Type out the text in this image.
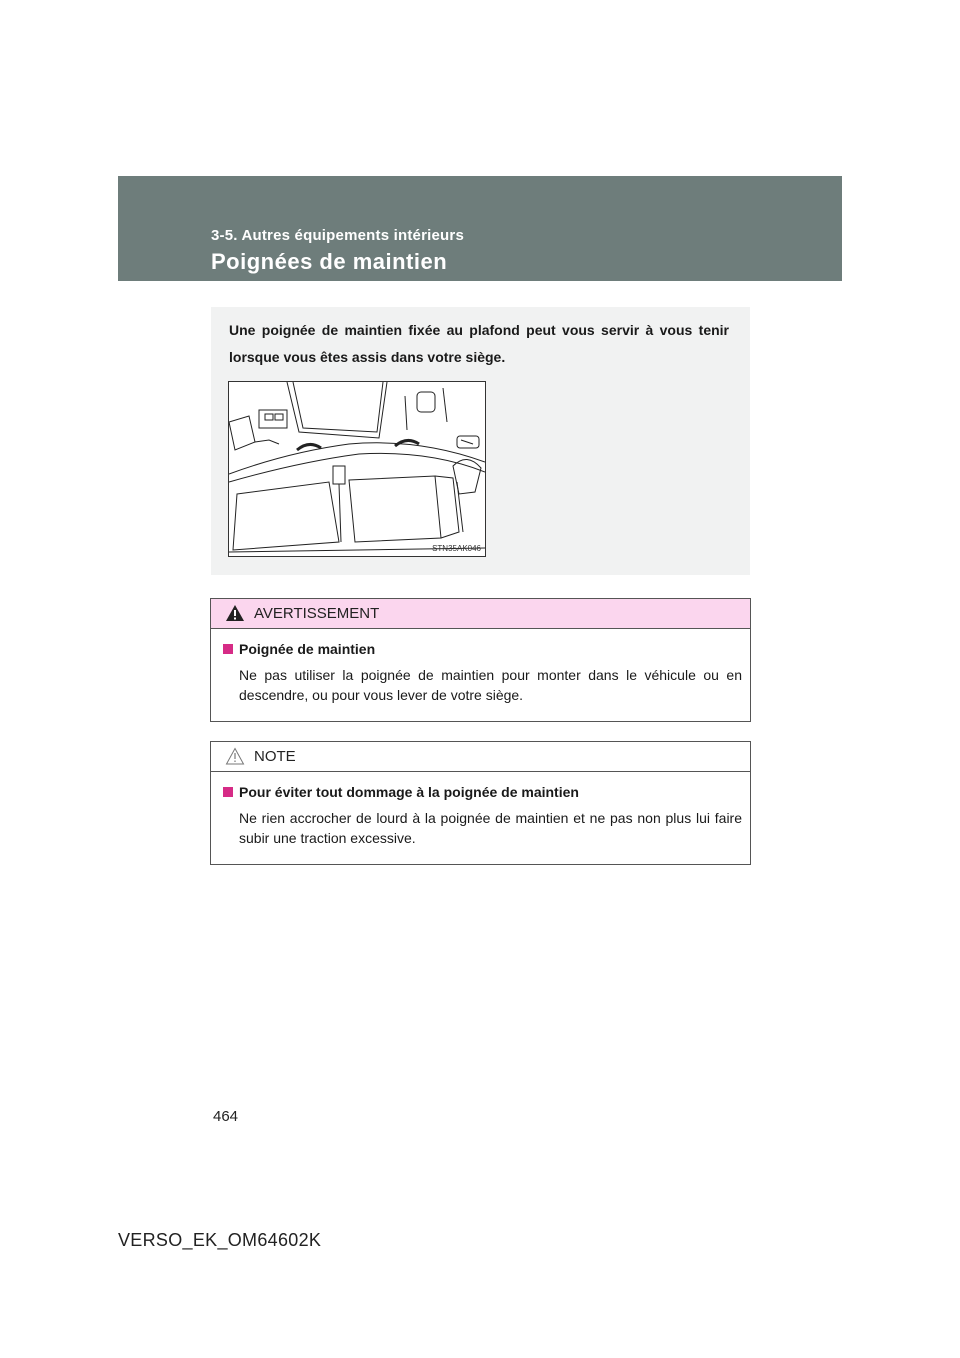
3-5. Autres équipements intérieurs
Poignées de maintien

Une poignée de maintien fixée au plafond peut vous servir à vous tenir lorsque vous êtes assis dans votre siège.

STN35AK046
AVERTISSEMENT
Poignée de maintien

Ne pas utiliser la poignée de maintien pour monter dans le véhicule ou en descendre, ou pour vous lever de votre siège.

NOTE
Pour éviter tout dommage à la poignée de maintien

Ne rien accrocher de lourd à la poignée de maintien et ne pas non plus lui faire subir une traction excessive.

464
VERSO_EK_OM64602K
